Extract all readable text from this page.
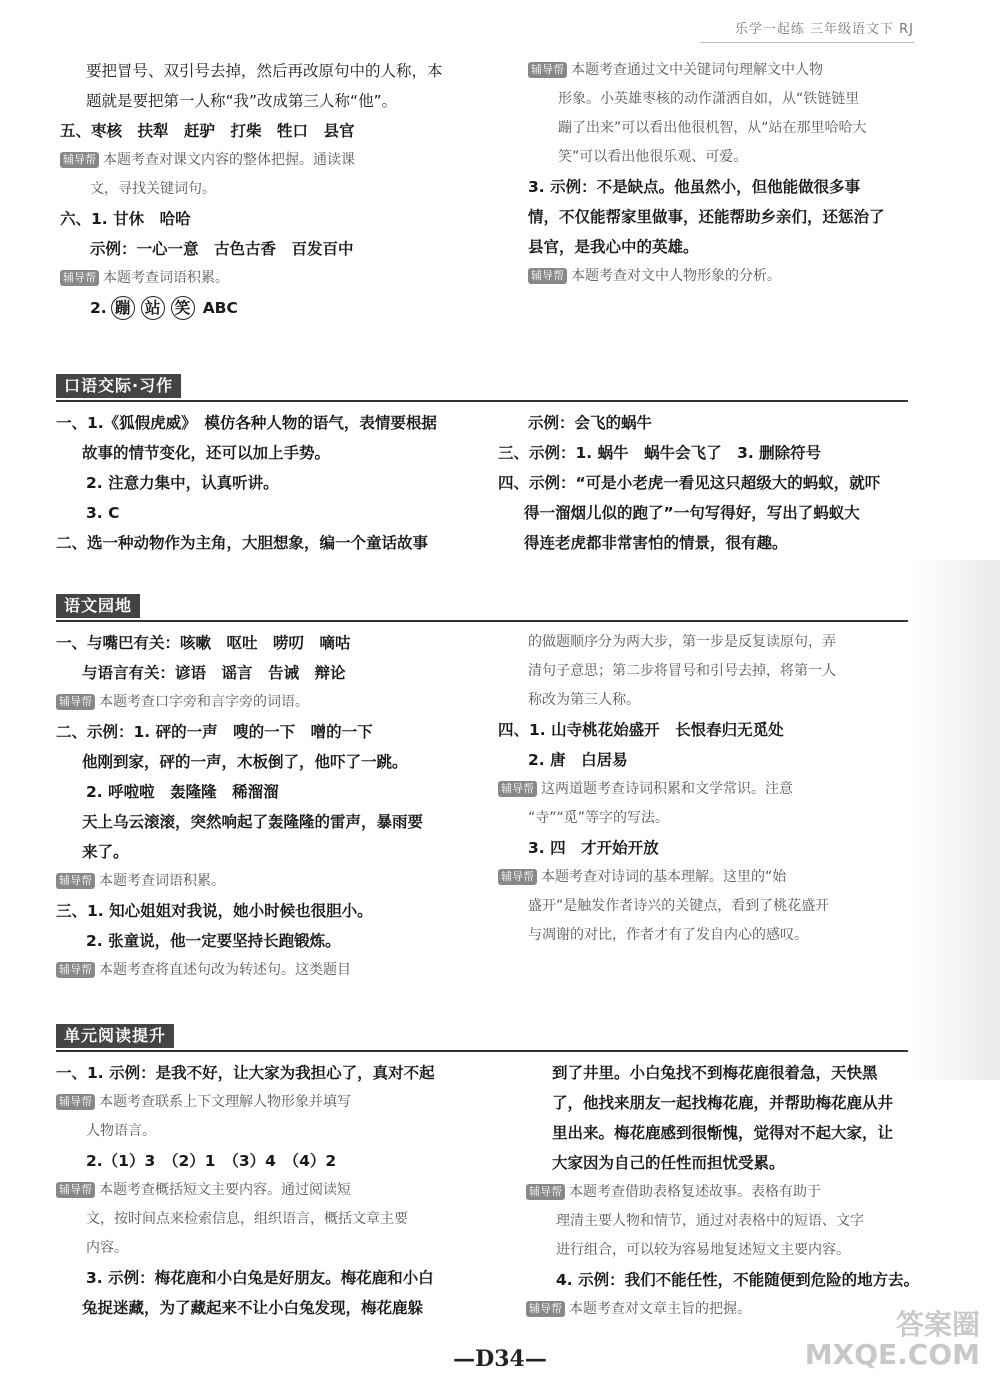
乐学一起练 三年级语文下 RJ
要把冒号、双引号去掉，然后再改原句中的人称，本
题就是要把第一人称“我”改成第三人称“他”。
五、枣核　扶犁　赶驴　打柴　牲口　县官
辅导帮 本题考查对课文内容的整体把握。通读课
文，寻找关键词句。
六、1. 甘休　哈哈
示例：一心一意　古色古香　百发百中
辅导帮 本题考查词语积累。
2. 蹦 站 笑 ABC
辅导帮 本题考查通过文中关键词句理解文中人物
形象。小英雄枣核的动作潇洒自如，从“铁链链里
蹦了出来”可以看出他很机智，从“站在那里哈哈大
笑”可以看出他很乐观、可爱。
3. 示例：不是缺点。他虽然小，但他能做很多事
情，不仅能帮家里做事，还能帮助乡亲们，还惩治了
县官，是我心中的英雄。
辅导帮 本题考查对文中人物形象的分析。
口语交际·习作
一、1.《狐假虎威》　模仿各种人物的语气，表情要根据
故事的情节变化，还可以加上手势。
2. 注意力集中，认真听讲。
3. C
二、选一种动物作为主角，大胆想象，编一个童话故事
示例：会飞的蜗牛
三、示例：1. 蜗牛　蜗牛会飞了　3. 删除符号
四、示例：“可是小老虎一看见这只超级大的蚂蚁，就吓
得一溜烟儿似的跑了”一句写得好，写出了蚂蚁大
得连老虎都非常害怕的情景，很有趣。
语文园地
一、与嘴巴有关：咳嗽　呕吐　唠叨　嘀咕
与语言有关：谚语　谣言　告诫　辩论
辅导帮 本题考查口字旁和言字旁的词语。
二、示例：1. 砰的一声　嗖的一下　噌的一下
他刚到家，砰的一声，木板倒了，他吓了一跳。
2. 呼啦啦　轰隆隆　稀溜溜
天上乌云滚滚，突然响起了轰隆隆的雷声，暴雨要
来了。
辅导帮 本题考查词语积累。
三、1. 知心姐姐对我说，她小时候也很胆小。
2. 张童说，他一定要坚持长跑锻炼。
辅导帮 本题考查将直述句改为转述句。这类题目
的做题顺序分为两大步，第一步是反复读原句，弄
清句子意思；第二步将冒号和引号去掉，将第一人
称改为第三人称。
四、1. 山寺桃花始盛开　长恨春归无觅处
2. 唐　白居易
辅导帮 这两道题考查诗词积累和文学常识。注意
“寺”“觅”等字的写法。
3. 四　才开始开放
辅导帮 本题考查对诗词的基本理解。这里的“始
盛开”是触发作者诗兴的关键点，看到了桃花盛开
与凋谢的对比，作者才有了发自内心的感叹。
单元阅读提升
一、1. 示例：是我不好，让大家为我担心了，真对不起
辅导帮 本题考查联系上下文理解人物形象并填写
人物语言。
2.（1）3　（2）1　（3）4　（4）2
辅导帮 本题考查概括短文主要内容。通过阅读短
文，按时间点来检索信息，组织语言，概括文章主要
内容。
3. 示例：梅花鹿和小白兔是好朋友。梅花鹿和小白
兔捉迷藏，为了藏起来不让小白兔发现，梅花鹿躲
到了井里。小白兔找不到梅花鹿很着急，天快黑
了，他找来朋友一起找梅花鹿，并帮助梅花鹿从井
里出来。梅花鹿感到很惭愧，觉得对不起大家，让
大家因为自己的任性而担忧受累。
辅导帮 本题考查借助表格复述故事。表格有助于
理清主要人物和情节，通过对表格中的短语、文字
进行组合，可以较为容易地复述短文主要内容。
4. 示例：我们不能任性，不能随便到危险的地方去。
辅导帮 本题考查对文章主旨的把握。
—D34—
答案圈
MXQE.COM
